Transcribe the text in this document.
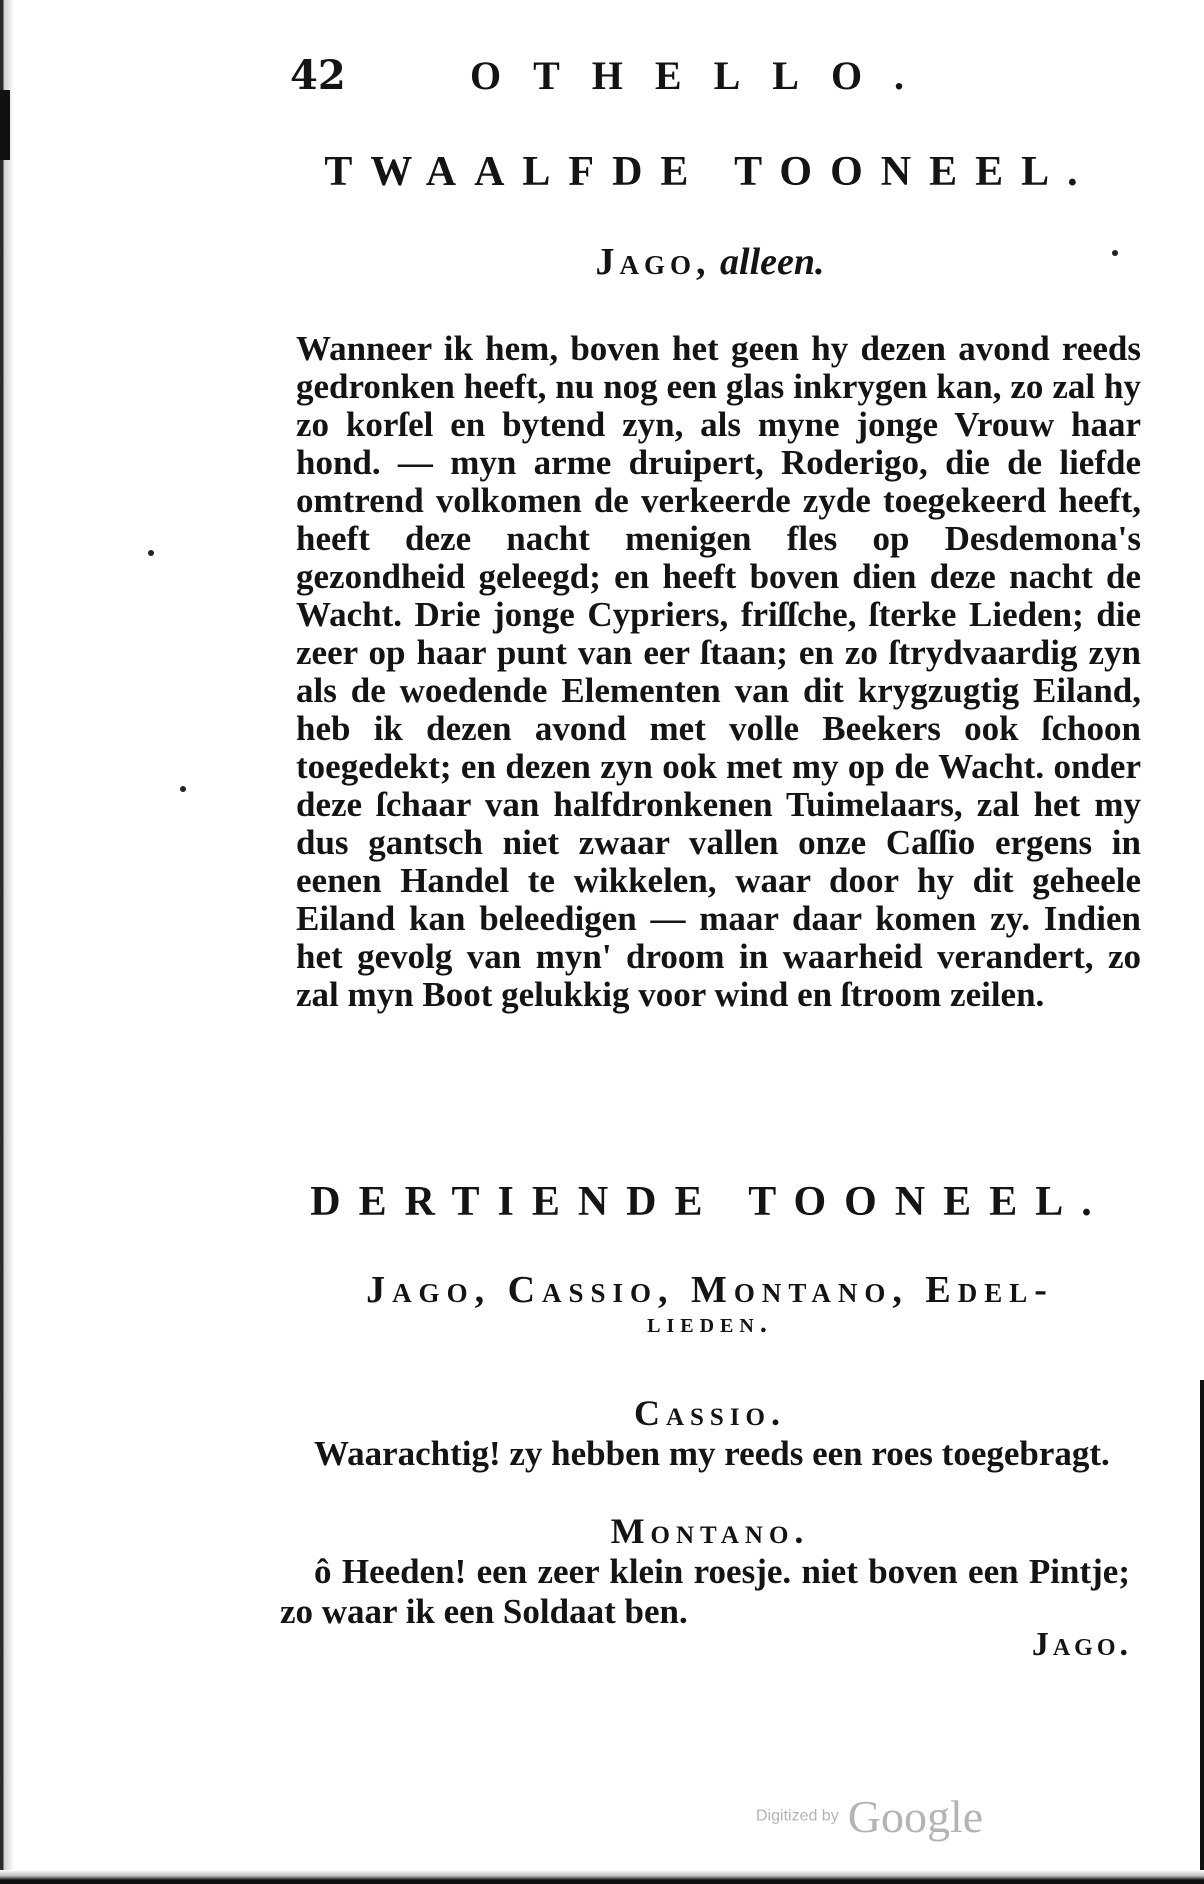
42	OTHELLO.
TWAALFDE TOONEEL.
Jago, alleen.

Wanneer ik hem, boven het geen hy dezen avond reeds gedronken heeft, nu nog een glas inkrygen kan, zo zal hy zo korſel en bytend zyn, als myne jonge Vrouw haar hond. — myn arme druipert, Roderigo, die de liefde omtrend volkomen de verkeerde zyde toegekeerd heeft, heeft deze nacht menigen fles op Desdemona's gezondheid geleegd; en heeft boven dien deze nacht de Wacht. Drie jonge Cypriers, friſſche, ſterke Lieden; die zeer op haar punt van eer ſtaan; en zo ſtrydvaardig zyn als de woedende Elementen van dit krygzugtig Eiland, heb ik dezen avond met volle Beekers ook ſchoon toegedekt; en dezen zyn ook met my op de Wacht. onder deze ſchaar van halfdronkenen Tuimelaars, zal het my dus gantsch niet zwaar vallen onze Caſſio ergens in eenen Handel te wikkelen, waar door hy dit geheele Eiland kan beleedigen — maar daar komen zy. Indien het gevolg van myn' droom in waarheid verandert, zo zal myn Boot gelukkig voor wind en ſtroom zeilen.

DERTIENDE TOONEEL.
Jago, Cassio, Montano, Edel-
lieden.
Cassio.

Waarachtig! zy hebben my reeds een roes toegebragt.

Montano.

ô Heeden! een zeer klein roesje. niet boven een Pintje; zo waar ik een Soldaat ben.

Jago.
Digitized by Google
